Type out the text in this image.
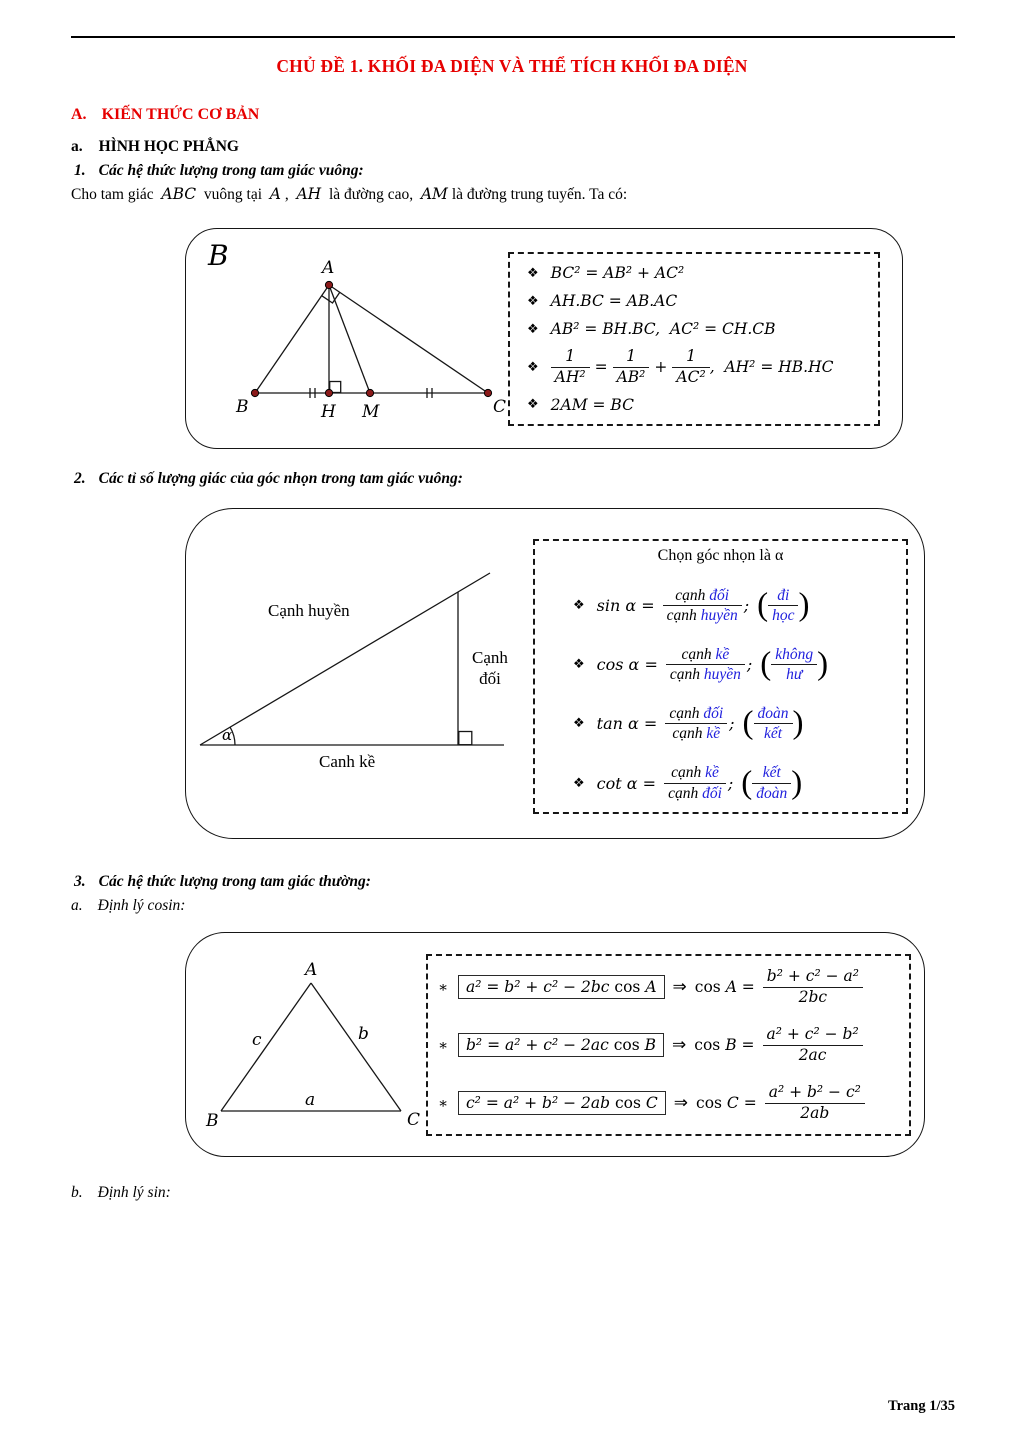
CHỦ ĐỀ 1. KHỐI ĐA DIỆN VÀ THỂ TÍCH KHỐI ĐA DIỆN
A. KIẾN THỨC CƠ BẢN
a. HÌNH HỌC PHẲNG
1. Các hệ thức lượng trong tam giác vuông:
Cho tam giác  ABC  vuông tại  A ,  AH  là đường cao,  AM là đường trung tuyến. Ta có:
B	A
B	H M	C
❖ BC² = AB² + AC²
❖ AH.BC = AB.AC
❖ AB² = BH.BC,  AC² = CH.CB
❖ $\frac{1}{\text{AH²}} = \frac{1}{\text{AB²}} + \frac{1}{\text{AC²}}$ ,  AH² = HB.HC
❖ 2AM = BC
2. Các tỉ số lượng giác của góc nhọn trong tam giác vuông:
α
Cạnh huyền
Cạnh
đối
Canh kề
Chọn góc nhọn là α
❖ $\sin \alpha = \frac{\text{cạnh đối}}{\text{cạnh huyền}}$ ; ( $\frac{đi}{\text{học}}$ )
❖ $\cos \alpha = \frac{\text{cạnh kề}}{\text{cạnh huyền}}$ ; ( $\frac{\text{không}}{hư}$ )
❖ $\tan \alpha = \frac{\text{cạnh đối}}{\text{cạnh kề}}$ ; ( $\frac{\text{đoàn}}{\text{kết}}$ )
❖ $\cot \alpha = \frac{\text{cạnh kề}}{\text{cạnh đối}}$ ; ( $\frac{\text{kết}}{\text{đoàn}}$ )
3. Các hệ thức lượng trong tam giác thường:
a. Định lý cosin:
A
B	C
c	b
a
∗	a² = b² + c² − 2bc cos A ⇒ $\cos A = \frac{\text{b² + c² − a²}}{2bc}$
∗	b² = a² + c² − 2ac cos B ⇒ $\cos B = \frac{\text{a² + c² − b²}}{2ac}$
∗	c² = a² + b² − 2ab cos C ⇒ $\cos C = \frac{\text{a² + b² − c²}}{2ab}$
b. Định lý sin:
Trang 1/35
